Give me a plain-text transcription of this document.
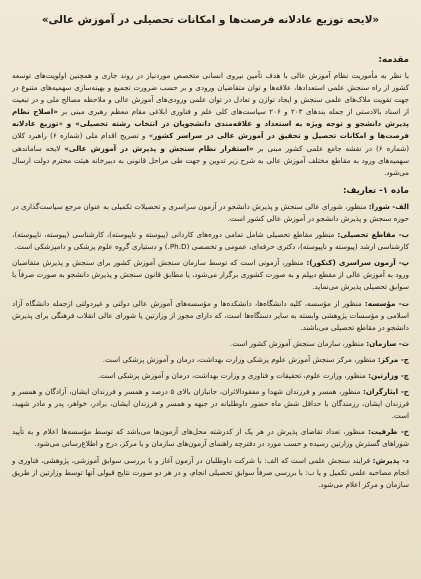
«لایحه توزیع عادلانه فرصت‌ها و امکانات تحصیلی در آموزش عالی»
مقدمه:

با نظر به مأموریت نظام آموزش عالی با هدف تأمین نیروی انسانی متخصص موردنیاز در روند جاری و همچنین اولویت‌های توسعه کشور از راه سنجش علمی استعدادها، علاقه‌ها و توان متقاضیان ورودی و بر حسب ضرورت تجمیع و بهینه‌سازی سهمیه‌های متنوع در جهت تقویت ملاک‌های علمی سنجش و ایجاد توازن و تعادل در توان علمی ورودی‌های آموزش عالی و ملاحظه مصالح ملی و در تبعیت از اسناد بالادستی از جمله بندهای ۲۰۳ و ۲۰۶ سیاست‌های کلی علم و فناوری ابلاغی مقام معظم رهبری مبنی بر «اصلاح نظام پذیرش دانشجو و توجه ویژه به استعداد و علاقه‌مندی دانشجویان در انتخاب رشته تحصیلی» و «توزیع عادلانه فرصت‌ها و امکانات تحصیل و تحقیق در آموزش عالی در سراسر کشور» و تصریح اقدام ملی (شماره ۶) راهبرد کلان (شماره ۶) در نقشه جامع علمی کشور مبنی بر «استقرار نظام سنجش و پذیرش در آموزش عالی» لایحه ساماندهی سهمیه‌های ورود به مقاطع مختلف آموزش عالی به شرح زیر تدوین و جهت طی مراحل قانونی به دبیرخانه هیئت محترم دولت ارسال می‌شود.

ماده ۱- تعاریف:

الف- شورا: منظور، شورای عالی سنجش و پذیرش دانشجو در آزمون سراسری و تحصیلات تکمیلی به عنوان مرجع سیاست‌گذاری در حوزه سنجش و پذیرش دانشجو در آموزش عالی کشور است.

ب- مقاطع تحصیلی: منظور مقاطع تحصیلی شامل تمامی دوره‌های کاردانی (پیوسته و ناپیوسته)، کارشناسی (پیوسته، ناپیوسته)، کارشناسی ارشد (پیوسته و ناپیوسته)، دکتری حرفه‌ای، عمومی و تخصصی (Ph.D.) و دستیاری گروه علوم پزشکی و دامپزشکی است.

پ- آزمون سراسری (کنکور): منظور، آزمونی است که توسط سازمان سنجش آموزش کشور برای سنجش و پذیرش متقاضیان ورود به آموزش عالی از مقطع دیپلم و به صورت کشوری برگزار می‌شود، یا مطابق قانون سنجش و پذیرش دانشجو به صورت صرفاً با سوابق تحصیلی پذیرش می‌نماید.

ت- مؤسسه: منظور از مؤسسه، کلیه دانشگاه‌ها، دانشکده‌ها و مؤسسه‌های آموزش عالی دولتی و غیردولتی ازجمله دانشگاه آزاد اسلامی و مؤسسات پژوهشی وابسته به سایر دستگاه‌ها است، که دارای مجوز از وزارتین یا شورای عالی انقلاب فرهنگی برای پذیرش دانشجو در مقاطع تحصیلی می‌باشند.

ث- سازمان: منظور، سازمان سنجش آموزش کشور است.

ج- مرکز: منظور، مرکز سنجش آموزش علوم پزشکی وزارت بهداشت، درمان و آموزش پزشکی است.

چ- وزارتین: منظور، وزارت علوم، تحقیقات و فناوری و وزارت بهداشت، درمان و آموزش پزشکی است.

ح- ایثارگران: منظور، همسر و فرزندان شهدا و مفقودالاثران، جانبازان بالای ۵ درصد و همسر و فرزندان ایشان، آزادگان و همسر و فرزندان ایشان، رزمندگان با حداقل شش ماه حضور داوطلبانه در جبهه و همسر و فرزندان ایشان، برادر، خواهر، پدر و مادر شهید، است.

خ- ظرفیت: منظور، تعداد تقاضای پذیرش در هر یک از کدرشته محل‌های آزمون‌ها می‌باشد که توسط مؤسسه‌ها اعلام و به تأیید شوراهای گسترش وزارتین رسیده و حسب مورد در دفترچه راهنمای آزمون‌های سازمان و یا مرکز، درج و اطلاع‌رسانی می‌شود.

د- پذیرش: فرایند سنجش علمی است که الف: با شرکت داوطلبان در آزمون آغاز و با بررسی سوابق آموزشی، پژوهشی، فناوری و انجام مصاحبه علمی تکمیل و یا ب: با بررسی صرفاً سوابق تحصیلی انجام، و در هر دو صورت نتایج قبولی آنها توسط وزارتین از طریق سازمان و مرکز اعلام می‌شود.
